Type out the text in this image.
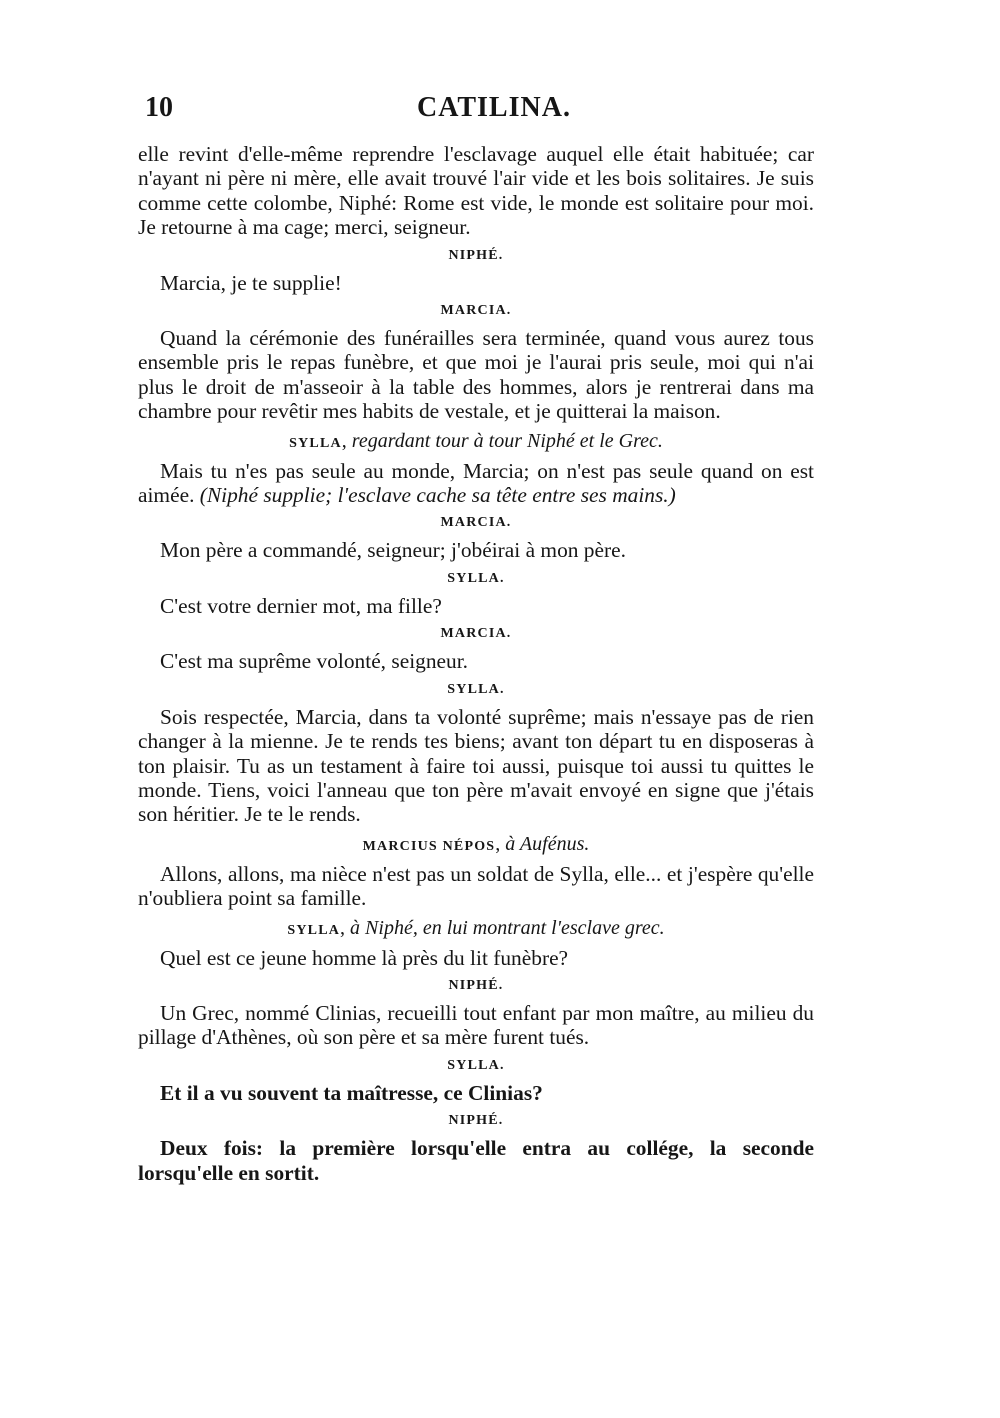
10	CATILINA.

elle revint d'elle-même reprendre l'esclavage auquel elle était habituée; car n'ayant ni père ni mère, elle avait trouvé l'air vide et les bois solitaires. Je suis comme cette colombe, Niphé: Rome est vide, le monde est solitaire pour moi. Je retourne à ma cage; merci, seigneur.

NIPHÉ.

Marcia, je te supplie!

MARCIA.

Quand la cérémonie des funérailles sera terminée, quand vous aurez tous ensemble pris le repas funèbre, et que moi je l'aurai pris seule, moi qui n'ai plus le droit de m'asseoir à la table des hommes, alors je rentrerai dans ma chambre pour revêtir mes habits de vestale, et je quitterai la maison.

SYLLA, regardant tour à tour Niphé et le Grec.

Mais tu n'es pas seule au monde, Marcia; on n'est pas seule quand on est aimée. (Niphé supplie; l'esclave cache sa tête entre ses mains.)

MARCIA.

Mon père a commandé, seigneur; j'obéirai à mon père.

SYLLA.

C'est votre dernier mot, ma fille?

MARCIA.

C'est ma suprême volonté, seigneur.

SYLLA.

Sois respectée, Marcia, dans ta volonté suprême; mais n'essaye pas de rien changer à la mienne. Je te rends tes biens; avant ton départ tu en disposeras à ton plaisir. Tu as un testament à faire toi aussi, puisque toi aussi tu quittes le monde. Tiens, voici l'anneau que ton père m'avait envoyé en signe que j'étais son héritier. Je te le rends.

MARCIUS NÉPOS, à Aufénus.

Allons, allons, ma nièce n'est pas un soldat de Sylla, elle... et j'espère qu'elle n'oubliera point sa famille.

SYLLA, à Niphé, en lui montrant l'esclave grec.

Quel est ce jeune homme là près du lit funèbre?

NIPHÉ.

Un Grec, nommé Clinias, recueilli tout enfant par mon maître, au milieu du pillage d'Athènes, où son père et sa mère furent tués.

SYLLA.

Et il a vu souvent ta maîtresse, ce Clinias?

NIPHÉ.

Deux fois: la première lorsqu'elle entra au collége, la seconde lorsqu'elle en sortit.
